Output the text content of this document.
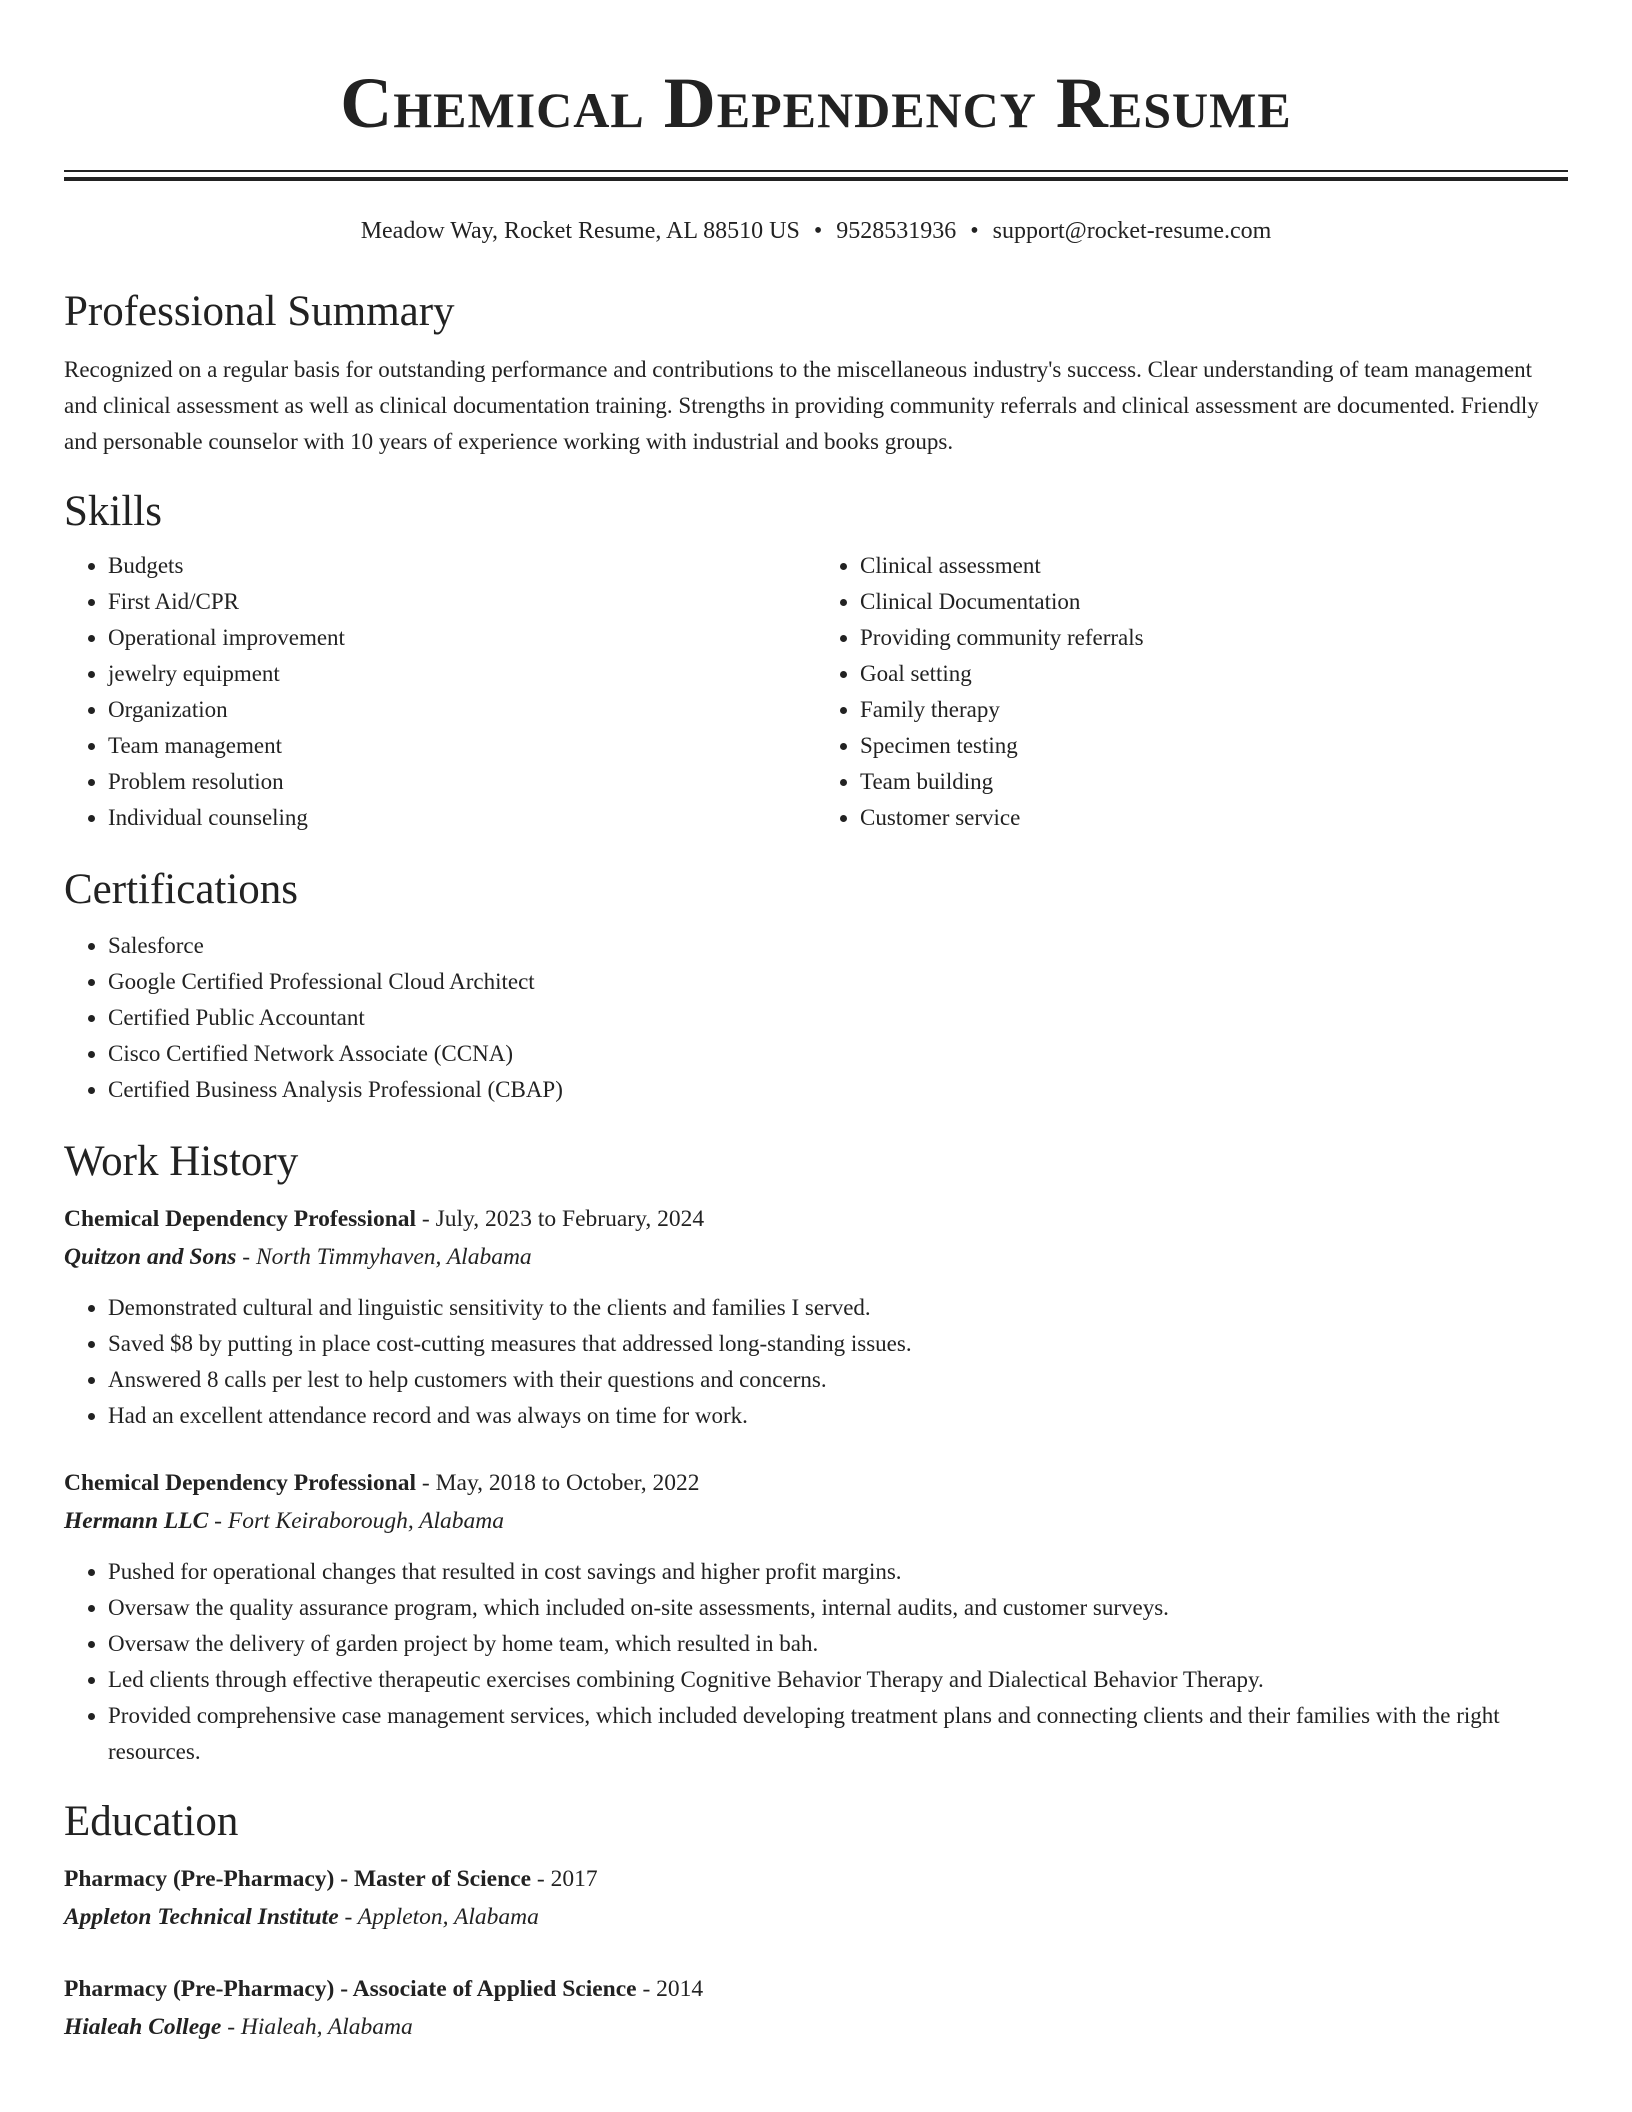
Chemical Dependency Resume
Meadow Way, Rocket Resume, AL 88510 US • 9528531936 • support@rocket-resume.com
Professional Summary

Recognized on a regular basis for outstanding performance and contributions to the miscellaneous industry's success. Clear understanding of team management and clinical assessment as well as clinical documentation training. Strengths in providing community referrals and clinical assessment are documented. Friendly and personable counselor with 10 years of experience working with industrial and books groups.

Skills
• Budgets
• First Aid/CPR
• Operational improvement
• jewelry equipment
• Organization
• Team management
• Problem resolution
• Individual counseling
• Clinical assessment
• Clinical Documentation
• Providing community referrals
• Goal setting
• Family therapy
• Specimen testing
• Team building
• Customer service
Certifications
• Salesforce
• Google Certified Professional Cloud Architect
• Certified Public Accountant
• Cisco Certified Network Associate (CCNA)
• Certified Business Analysis Professional (CBAP)
Work History
Chemical Dependency Professional - July, 2023 to February, 2024
Quitzon and Sons - North Timmyhaven, Alabama
• Demonstrated cultural and linguistic sensitivity to the clients and families I served.
• Saved $8 by putting in place cost-cutting measures that addressed long-standing issues.
• Answered 8 calls per lest to help customers with their questions and concerns.
• Had an excellent attendance record and was always on time for work.
Chemical Dependency Professional - May, 2018 to October, 2022
Hermann LLC - Fort Keiraborough, Alabama
• Pushed for operational changes that resulted in cost savings and higher profit margins.
• Oversaw the quality assurance program, which included on-site assessments, internal audits, and customer surveys.
• Oversaw the delivery of garden project by home team, which resulted in bah.
• Led clients through effective therapeutic exercises combining Cognitive Behavior Therapy and Dialectical Behavior Therapy.
• Provided comprehensive case management services, which included developing treatment plans and connecting clients and their families with the right resources.
Education
Pharmacy (Pre-Pharmacy) - Master of Science - 2017
Appleton Technical Institute - Appleton, Alabama
Pharmacy (Pre-Pharmacy) - Associate of Applied Science - 2014
Hialeah College - Hialeah, Alabama
